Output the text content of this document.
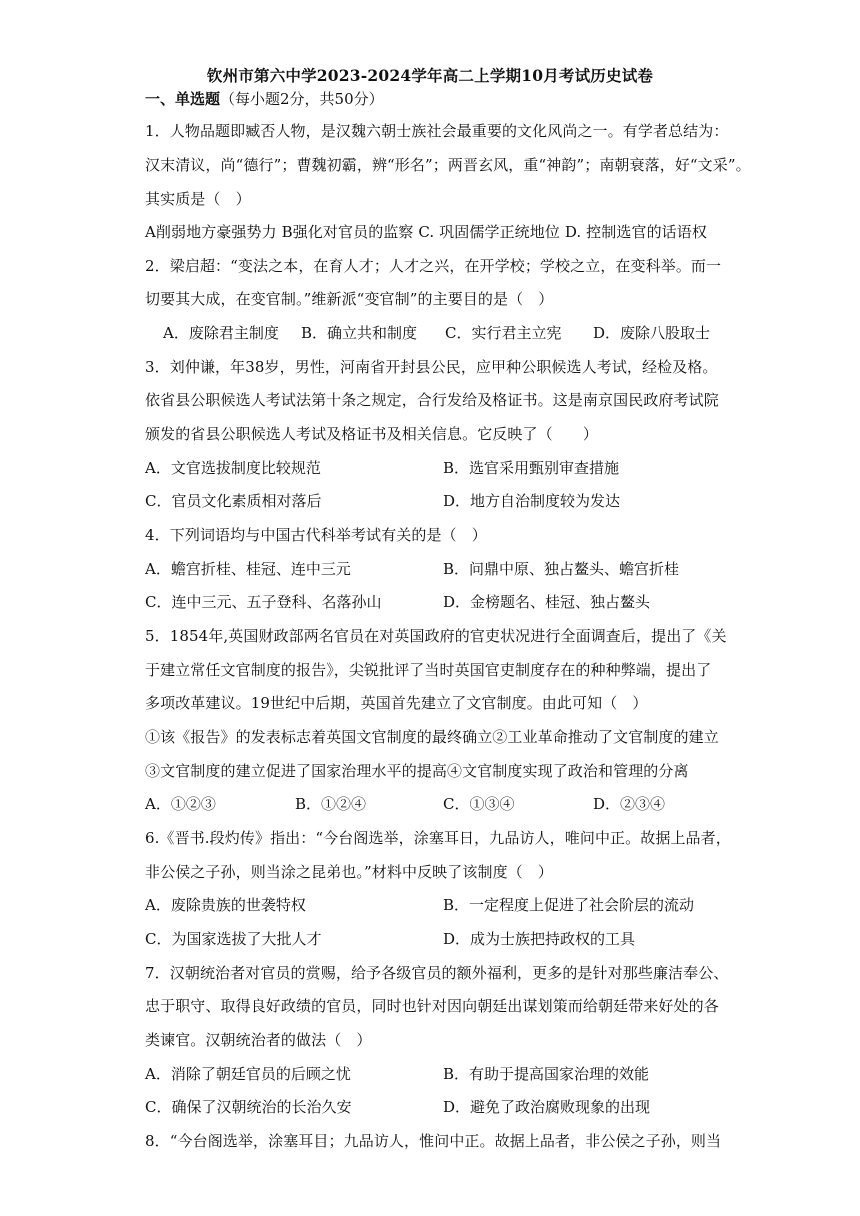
钦州市第六中学2023-2024学年高二上学期10月考试历史试卷
一、单选题（每小题2分，共50分）
1．人物品题即臧否人物，是汉魏六朝士族社会最重要的文化风尚之一。有学者总结为：
汉末清议，尚“德行”；曹魏初霸，辨“形名”；两晋玄风，重“神韵”；南朝衰落，好“文采”。
其实质是（　）
A削弱地方豪强势力 B强化对官员的监察 C. 巩固儒学正统地位 D. 控制选官的话语权
2．梁启超：“变法之本，在育人才；人才之兴，在开学校；学校之立，在变科举。而一
切要其大成，在变官制。”维新派“变官制”的主要目的是（　）
A．废除君主制度 B．确立共和制度 C．实行君主立宪 D．废除八股取士
3．刘仲谦，年38岁，男性，河南省开封县公民，应甲种公职候选人考试，经检及格。
依省县公职候选人考试法第十条之规定，合行发给及格证书。这是南京国民政府考试院
颁发的省县公职候选人考试及格证书及相关信息。它反映了（　　）
A．文官选拔制度比较规范	B．选官采用甄别审查措施
C．官员文化素质相对落后	D．地方自治制度较为发达
4．下列词语均与中国古代科举考试有关的是（　）
A．蟾宫折桂、桂冠、连中三元	B．问鼎中原、独占鳌头、蟾宫折桂
C．连中三元、五子登科、名落孙山	D．金榜题名、桂冠、独占鳌头
5．1854年,英国财政部两名官员在对英国政府的官吏状况进行全面调查后，提出了《关
于建立常任文官制度的报告》，尖锐批评了当时英国官吏制度存在的种种弊端，提出了
多项改革建议。19世纪中后期，英国首先建立了文官制度。由此可知（　）
①该《报告》的发表标志着英国文官制度的最终确立②工业革命推动了文官制度的建立
③文官制度的建立促进了国家治理水平的提高④文官制度实现了政治和管理的分离
A．①②③	B．①②④	C．①③④	D．②③④
6.《晋书.段灼传》指出：“今台阁选举，涂塞耳日，九品访人，唯问中正。故据上品者，
非公侯之子孙，则当涂之昆弟也。”材料中反映了该制度（　）
A．废除贵族的世袭特权	B．一定程度上促进了社会阶层的流动
C．为国家选拔了大批人才	D．成为士族把持政权的工具
7．汉朝统治者对官员的赏赐，给予各级官员的额外福利，更多的是针对那些廉洁奉公、
忠于职守、取得良好政绩的官员，同时也针对因向朝廷出谋划策而给朝廷带来好处的各
类谏官。汉朝统治者的做法（　）
A．消除了朝廷官员的后顾之忧	B．有助于提高国家治理的效能
C．确保了汉朝统治的长治久安	D．避免了政治腐败现象的出现
8．“今台阁选举，涂塞耳目；九品访人，惟问中正。故据上品者，非公侯之子孙，则当
